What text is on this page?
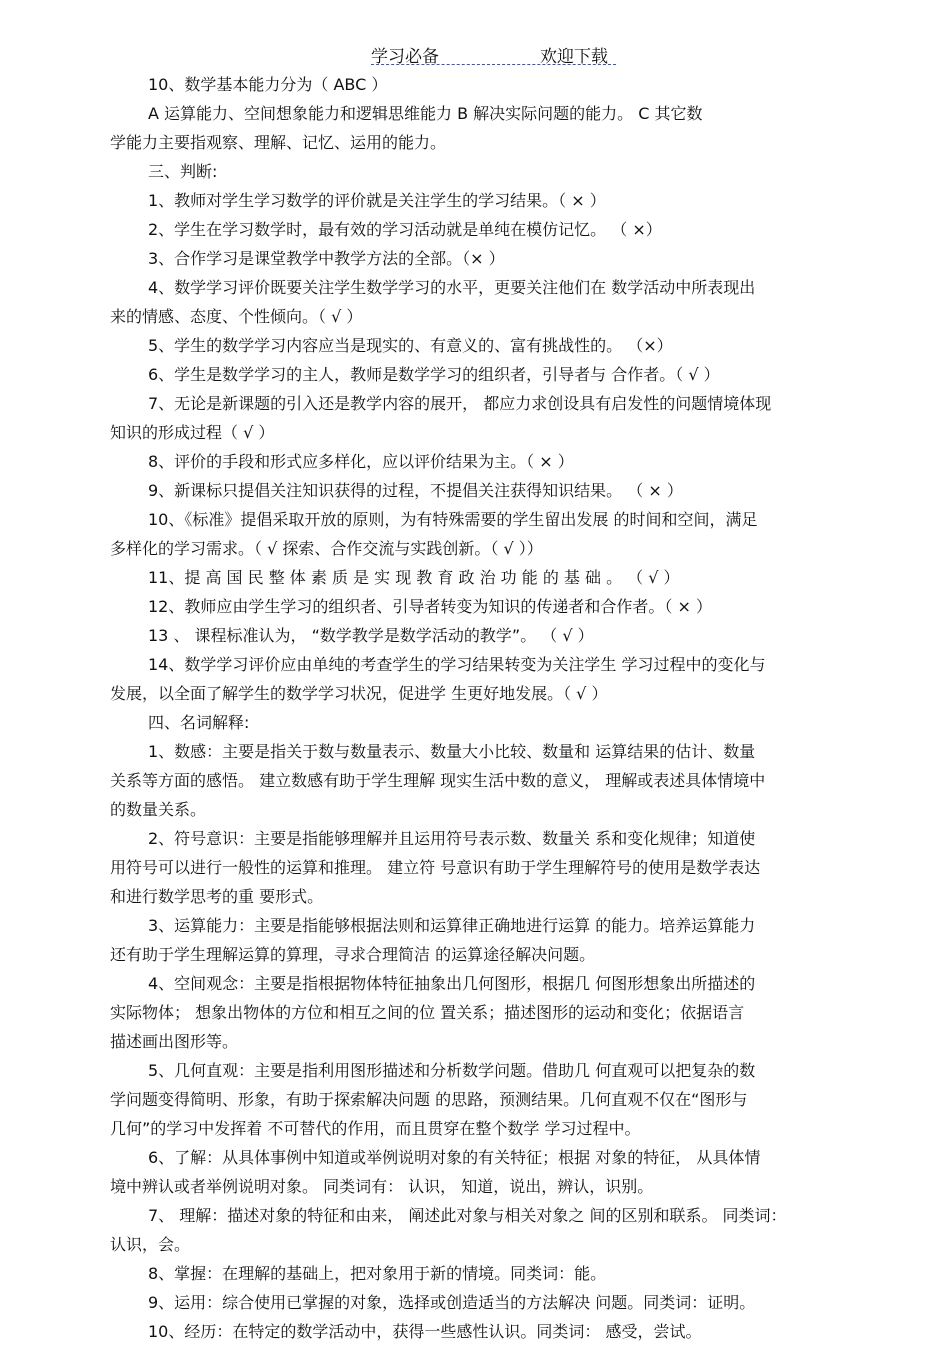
学习必备	欢迎下载
10、数学基本能力分为（ ABC ）
A 运算能力、空间想象能力和逻辑思维能力 B 解决实际问题的能力。 C 其它数
学能力主要指观察、理解、记忆、运用的能力。
三、判断:
1、教师对学生学习数学的评价就是关注学生的学习结果。（ × ）
2、学生在学习数学时，最有效的学习活动就是单纯在模仿记忆。 （ ×）
3、合作学习是课堂教学中教学方法的全部。（× ）
4、数学学习评价既要关注学生数学学习的水平，更要关注他们在 数学活动中所表现出
来的情感、态度、个性倾向。（ √ ）
5、学生的数学学习内容应当是现实的、有意义的、富有挑战性的。 （×）
6、学生是数学学习的主人，教师是数学学习的组织者，引导者与 合作者。（ √ ）
7、无论是新课题的引入还是教学内容的展开， 都应力求创设具有启发性的问题情境体现
知识的形成过程（ √ ）
8、评价的手段和形式应多样化，应以评价结果为主。（ × ）
9、新课标只提倡关注知识获得的过程，不提倡关注获得知识结果。 （ × ）
10、《标准》提倡采取开放的原则，为有特殊需要的学生留出发展 的时间和空间，满足
多样化的学习需求。（ √ 探索、合作交流与实践创新。（ √ ））
11、提 高 国 民 整 体 素 质 是 实 现 教 育 政 治 功 能 的 基 础 。 （ √ ）
12、教师应由学生学习的组织者、引导者转变为知识的传递者和合作者。（ × ）
13 、 课程标准认为， “数学教学是数学活动的教学”。 （ √ ）
14、数学学习评价应由单纯的考查学生的学习结果转变为关注学生 学习过程中的变化与
发展，以全面了解学生的数学学习状况，促进学 生更好地发展。（ √ ）
四、名词解释:
1、数感：主要是指关于数与数量表示、数量大小比较、数量和 运算结果的估计、数量
关系等方面的感悟。 建立数感有助于学生理解 现实生活中数的意义， 理解或表述具体情境中
的数量关系。
2、符号意识：主要是指能够理解并且运用符号表示数、数量关 系和变化规律；知道使
用符号可以进行一般性的运算和推理。 建立符 号意识有助于学生理解符号的使用是数学表达
和进行数学思考的重 要形式。
3、运算能力：主要是指能够根据法则和运算律正确地进行运算 的能力。培养运算能力
还有助于学生理解运算的算理，寻求合理简洁 的运算途径解决问题。
4、空间观念：主要是指根据物体特征抽象出几何图形，根据几 何图形想象出所描述的
实际物体； 想象出物体的方位和相互之间的位 置关系；描述图形的运动和变化；依据语言
描述画出图形等。
5、几何直观：主要是指利用图形描述和分析数学问题。借助几 何直观可以把复杂的数
学问题变得简明、形象，有助于探索解决问题 的思路，预测结果。几何直观不仅在“图形与
几何”的学习中发挥着 不可替代的作用，而且贯穿在整个数学 学习过程中。
6、了解：从具体事例中知道或举例说明对象的有关特征；根据 对象的特征， 从具体情
境中辨认或者举例说明对象。 同类词有： 认识， 知道，说出，辨认，识别。
7、 理解：描述对象的特征和由来， 阐述此对象与相关对象之 间的区别和联系。 同类词：
认识，会。
8、掌握：在理解的基础上，把对象用于新的情境。同类词：能。
9、运用：综合使用已掌握的对象，选择或创造适当的方法解决 问题。同类词：证明。
10、经历：在特定的数学活动中，获得一些感性认识。同类词： 感受，尝试。
